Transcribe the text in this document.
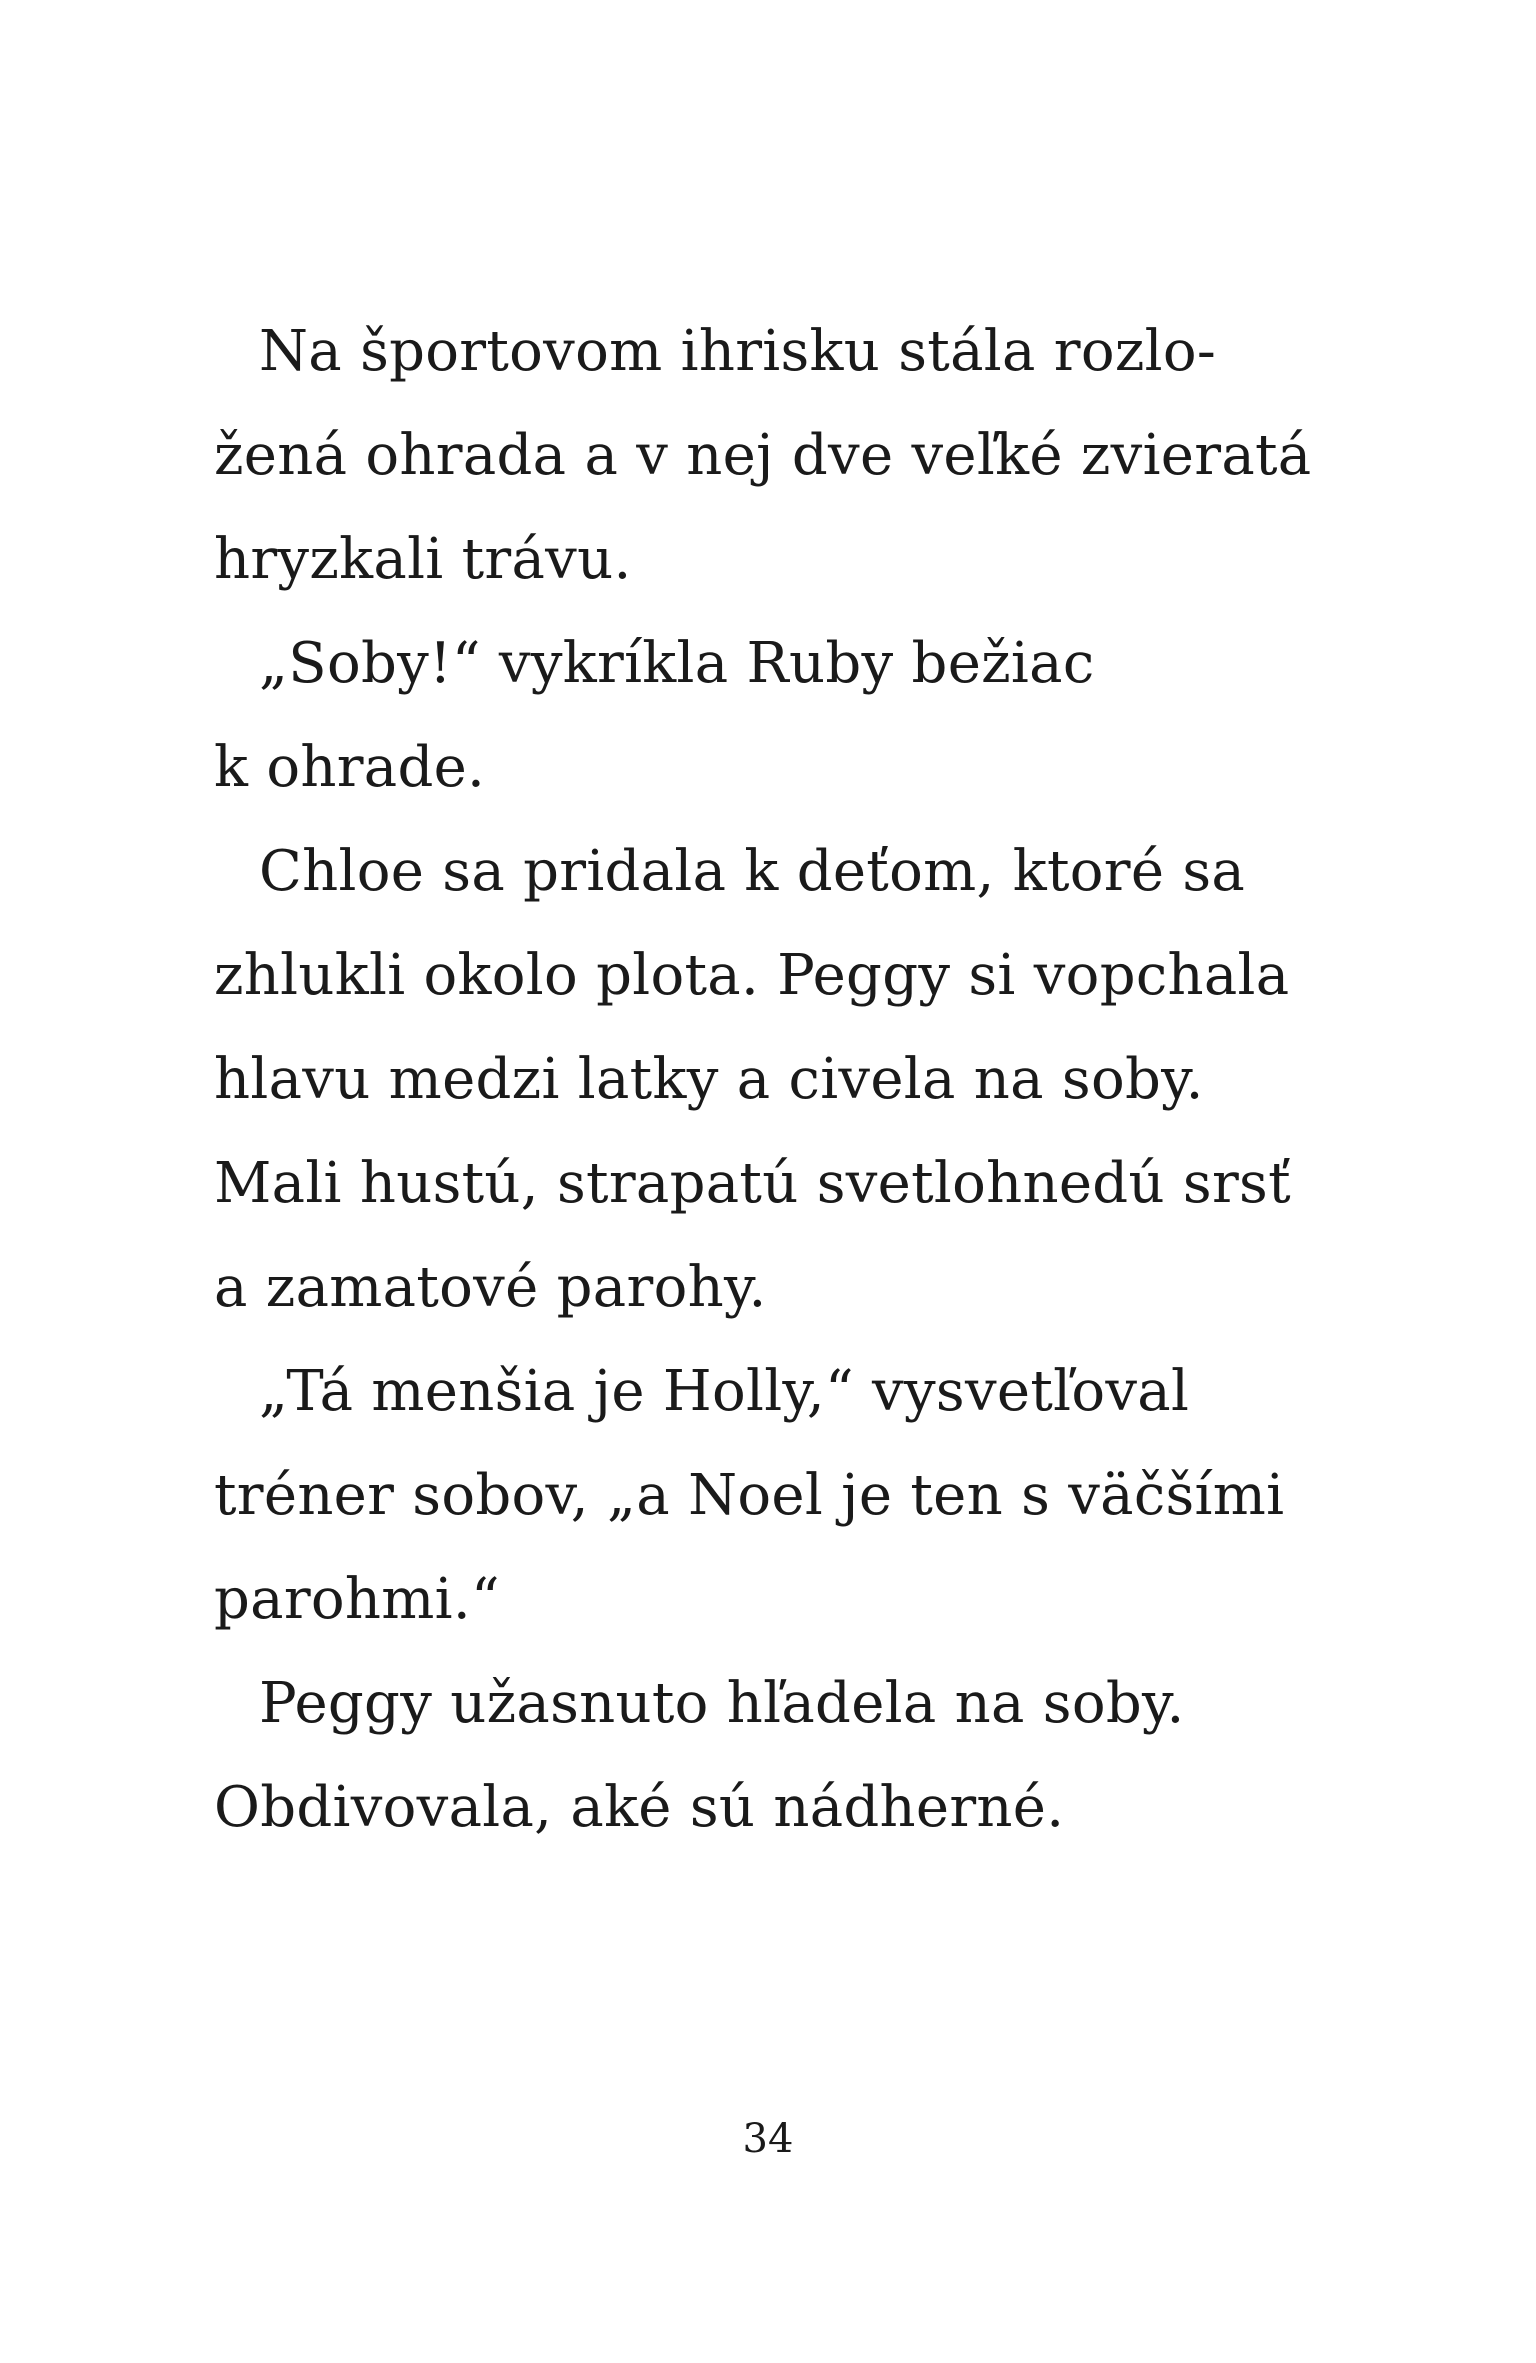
Na športovom ihrisku stála rozlo-
žená ohrada a v nej dve veľké zvieratá
hryzkali trávu.
„Soby!“ vykríkla Ruby bežiac
k ohrade.
Chloe sa pridala k deťom, ktoré sa
zhlukli okolo plota. Peggy si vopchala
hlavu medzi latky a civela na soby.
Mali hustú, strapatú svetlohnedú srsť
a zamatové parohy.
„Tá menšia je Holly,“ vysvetľoval
tréner sobov, „a Noel je ten s väčšími
parohmi.“
Peggy užasnuto hľadela na soby.
Obdivovala, aké sú nádherné.
34
